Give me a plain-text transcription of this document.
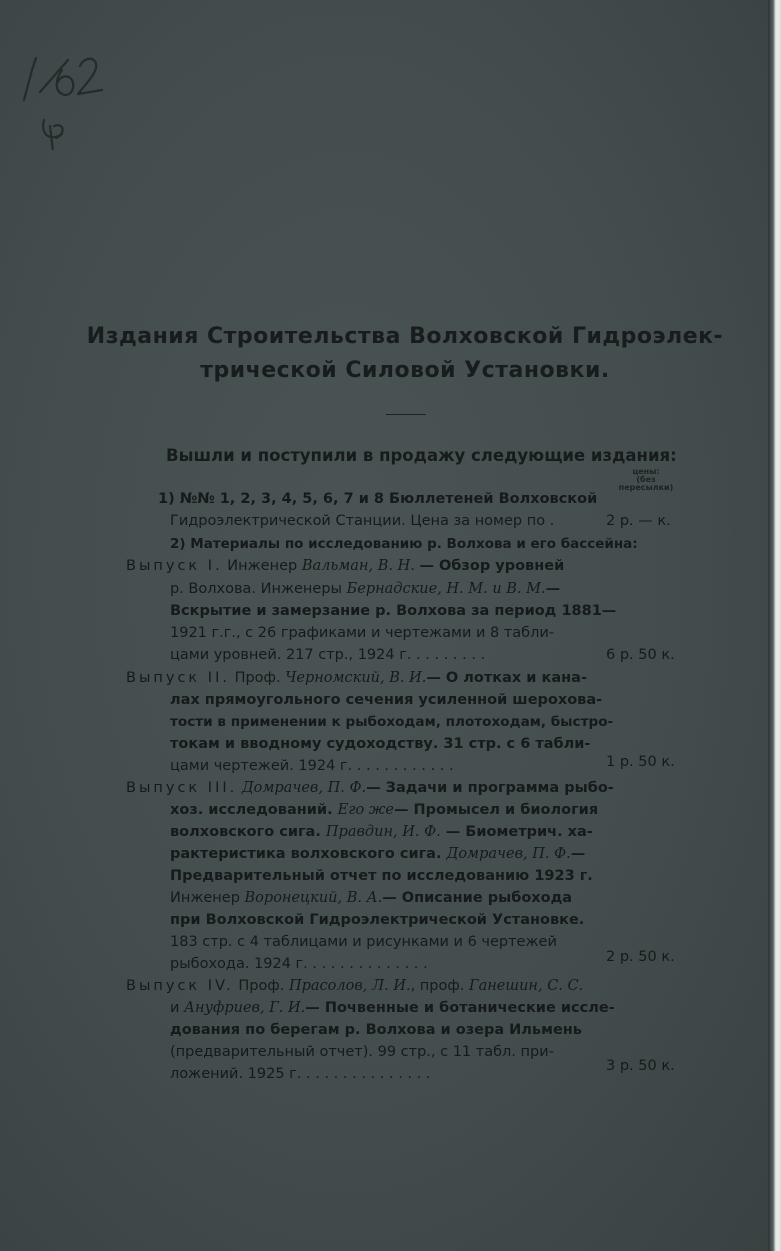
Издания Строительства Волховской Гидроэлек-
трической Силовой Установки.
Вышли и поступили в продажу следующие издания:
цены:
(без
пересылки)
1) №№ 1, 2, 3, 4, 5, 6, 7 и 8 Бюллетеней Волховской
Гидроэлектрической Станции. Цена за номер по .	2 р. — к.
2) Материалы по исследованию р. Волхова и его бассейна:
Выпуск I. Инженер Вальман, В. Н. — Обзор уровней
р. Волхова. Инженеры Бернадские, Н. М. и В. М.—
Вскрытие и замерзание р. Волхова за период 1881—
1921 г.г., с 26 графиками и чертежами и 8 табли-
цами уровней. 217 стр., 1924 г. . . . . . . . .	6 р. 50 к.
Выпуск II. Проф. Черномский, В. И.— О лотках и кана-
лах прямоугольного сечения усиленной шерохова-
тости в применении к рыбоходам, плотоходам, быстро-
токам и вводному судоходству. 31 стр. с 6 табли-
цами чертежей. 1924 г. . . . . . . . . . . .	1 р. 50 к.
Выпуск III. Домрачев, П. Ф.— Задачи и программа рыбо-
хоз. исследований. Его же— Промысел и биология
волховского сига. Правдин, И. Ф. — Биометрич. ха-
рактеристика волховского сига. Домрачев, П. Ф.—
Предварительный отчет по исследованию 1923 г.
Инженер Воронецкий, В. А.— Описание рыбохода
при Волховской Гидроэлектрической Установке.
183 стр. с 4 таблицами и рисунками и 6 чертежей
рыбохода. 1924 г. . . . . . . . . . . . . .	2 р. 50 к.
Выпуск IV. Проф. Прасолов, Л. И., проф. Ганешин, С. С.
и Ануфриев, Г. И.— Почвенные и ботанические иссле-
дования по берегам р. Волхова и озера Ильмень
(предварительный отчет). 99 стр., с 11 табл. при-
ложений. 1925 г. . . . . . . . . . . . . . .	3 р. 50 к.
